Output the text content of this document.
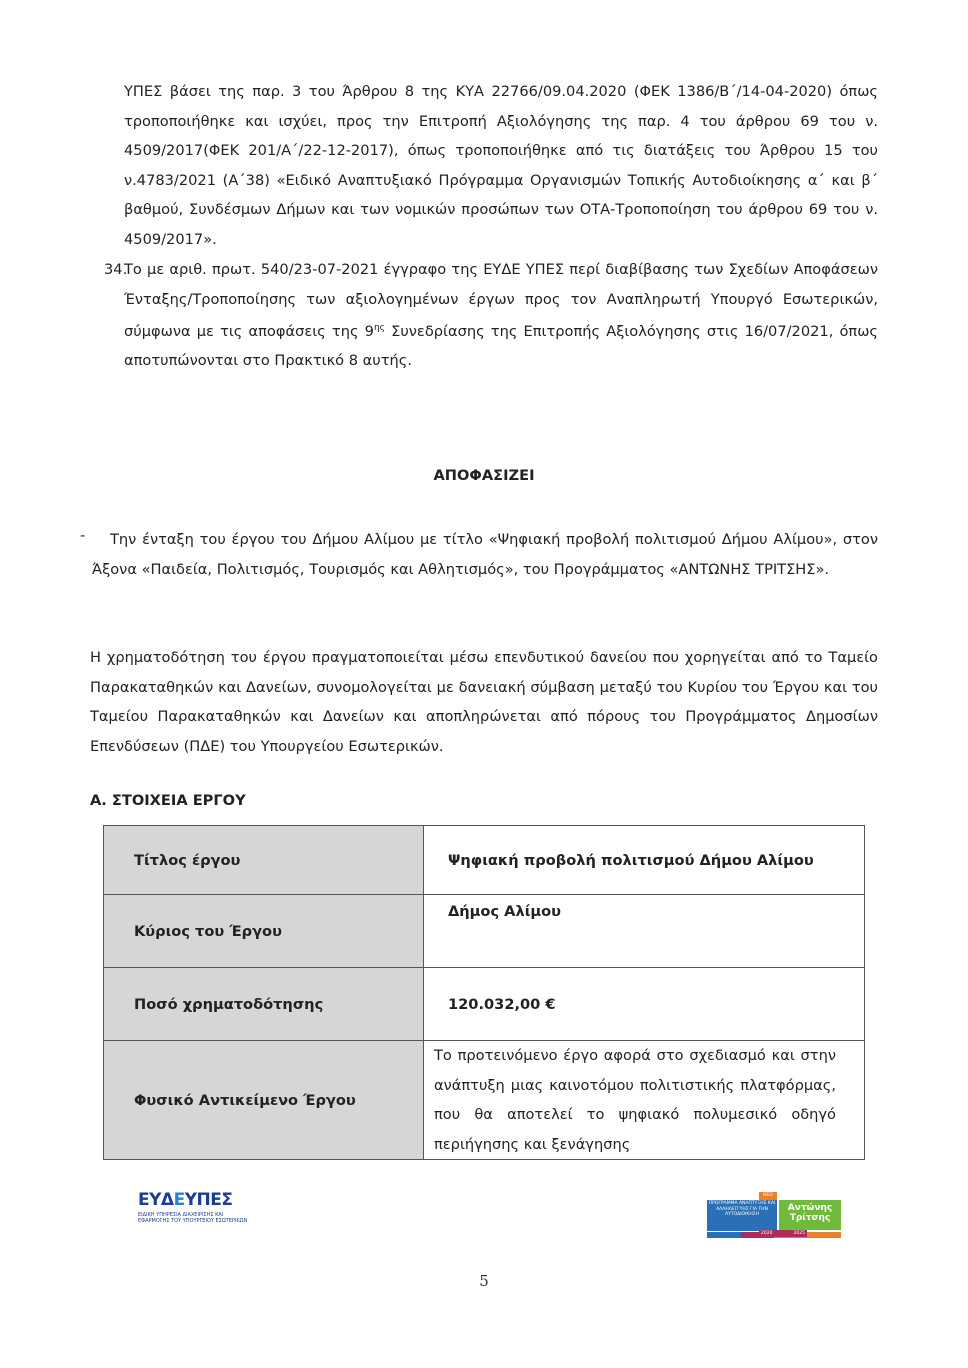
ΥΠΕΣ βάσει της παρ. 3 του Άρθρου 8 της ΚΥΑ 22766/09.04.2020 (ΦΕΚ 1386/Β΄/14-04-2020) όπως τροποποιήθηκε και ισχύει, προς την Επιτροπή Αξιολόγησης της παρ. 4 του άρθρου 69 του ν. 4509/2017(ΦΕΚ 201/Α΄/22-12-2017), όπως τροποποιήθηκε από τις διατάξεις του Άρθρου 15 του ν.4783/2021 (Α΄38) «Ειδικό Αναπτυξιακό Πρόγραμμα Οργανισμών Τοπικής Αυτοδιοίκησης α΄ και β΄ βαθμού, Συνδέσμων Δήμων και των νομικών προσώπων των ΟΤΑ-Τροποποίηση του άρθρου 69 του ν. 4509/2017».
34.
Το με αριθ. πρωτ. 540/23-07-2021 έγγραφο της ΕΥΔΕ ΥΠΕΣ περί διαβίβασης των Σχεδίων Αποφάσεων Ένταξης/Τροποποίησης των αξιολογημένων έργων προς τον Αναπληρωτή Υπουργό Εσωτερικών, σύμφωνα με τις αποφάσεις της $9^{\eta\varsigma}$ Συνεδρίασης της Επιτροπής Αξιολόγησης στις 16/07/2021, όπως αποτυπώνονται στο Πρακτικό 8 αυτής.
ΑΠΟΦΑΣΙΖΕΙ
-	Την ένταξη του έργου του Δήμου Αλίμου με τίτλο «Ψηφιακή προβολή πολιτισμού Δήμου Αλίμου», στον Άξονα «Παιδεία, Πολιτισμός, Τουρισμός και Αθλητισμός», του Προγράμματος «ΑΝΤΩΝΗΣ ΤΡΙΤΣΗΣ».
Η χρηματοδότηση του έργου πραγματοποιείται μέσω επενδυτικού δανείου που χορηγείται από το Ταμείο Παρακαταθηκών και Δανείων, συνομολογείται με δανειακή σύμβαση μεταξύ του Κυρίου του Έργου και του Ταμείου Παρακαταθηκών και Δανείων και αποπληρώνεται από πόρους του Προγράμματος Δημοσίων Επενδύσεων (ΠΔΕ) του Υπουργείου Εσωτερικών.
Α. ΣΤΟΙΧΕΙΑ ΕΡΓΟΥ
Τίτλος έργου	Ψηφιακή προβολή πολιτισμού Δήμου Αλίμου
Κύριος του Έργου	Δήμος Αλίμου
Ποσό χρηματοδότησης	120.032,00 €
Φυσικό Αντικείμενο Έργου	Το προτεινόμενο έργο αφορά στο σχεδιασμό και στην ανάπτυξη μιας καινοτόμου πολιτιστικής πλατφόρμας, που θα αποτελεί το ψηφιακό πολυμεσικό οδηγό περιήγησης και ξενάγησης
ΕΥΔΕΥΠΕΣ
ΕΙΔΙΚΗ ΥΠΗΡΕΣΙΑ ΔΙΑΧΕΙΡΙΣΗΣ ΚΑΙ ΕΦΑΡΜΟΓΗΣ ΤΟΥ ΥΠΟΥΡΓΕΙΟΥ ΕΣΩΤΕΡΙΚΩΝ
ΠΡΟΓΡΑΜΜΑ ΑΝΑΠΤΥΞΗΣ ΚΑΙ ΑΛΛΗΛΕΓΓΥΗΣ ΓΙΑ ΤΗΝ ΑΥΤΟΔΙΟΙΚΗΣΗ
ΝΕΟ
Αντώνης Τρίτσης
2020	2025
5
